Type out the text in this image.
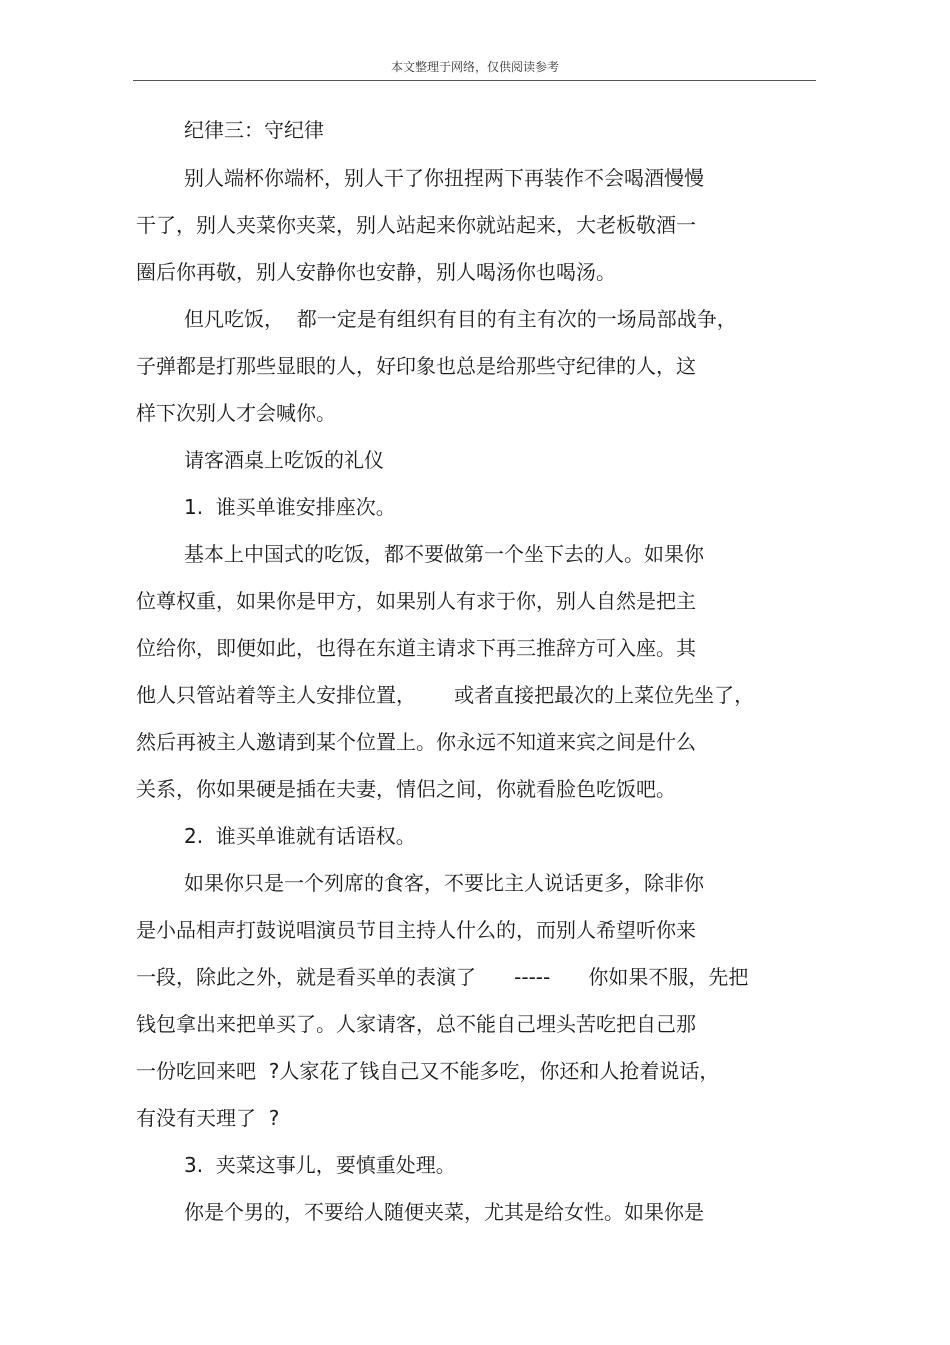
本文整理于网络，仅供阅读参考
纪律三：守纪律
别人端杯你端杯，别人干了你扭捏两下再装作不会喝酒慢慢
干了，别人夹菜你夹菜，别人站起来你就站起来，大老板敬酒一
圈后你再敬，别人安静你也安静，别人喝汤你也喝汤。
但凡吃饭，  都一定是有组织有目的有主有次的一场局部战争，
子弹都是打那些显眼的人，好印象也总是给那些守纪律的人，这
样下次别人才会喊你。
请客酒桌上吃饭的礼仪
1.  谁买单谁安排座次。
基本上中国式的吃饭，都不要做第一个坐下去的人。如果你
位尊权重，如果你是甲方，如果别人有求于你，别人自然是把主
位给你，即便如此，也得在东道主请求下再三推辞方可入座。其
他人只管站着等主人安排位置，      或者直接把最次的上菜位先坐了，
然后再被主人邀请到某个位置上。你永远不知道来宾之间是什么
关系，你如果硬是插在夫妻，情侣之间，你就看脸色吃饭吧。
2.  谁买单谁就有话语权。
如果你只是一个列席的食客，不要比主人说话更多，除非你
是小品相声打鼓说唱演员节目主持人什么的，而别人希望听你来
一段，除此之外，就是看买单的表演了      -----      你如果不服，先把
钱包拿出来把单买了。人家请客，总不能自己埋头苦吃把自己那
一份吃回来吧  ?人家花了钱自己又不能多吃，你还和人抢着说话，
有没有天理了  ?
3.  夹菜这事儿，要慎重处理。
你是个男的，不要给人随便夹菜，尤其是给女性。如果你是
